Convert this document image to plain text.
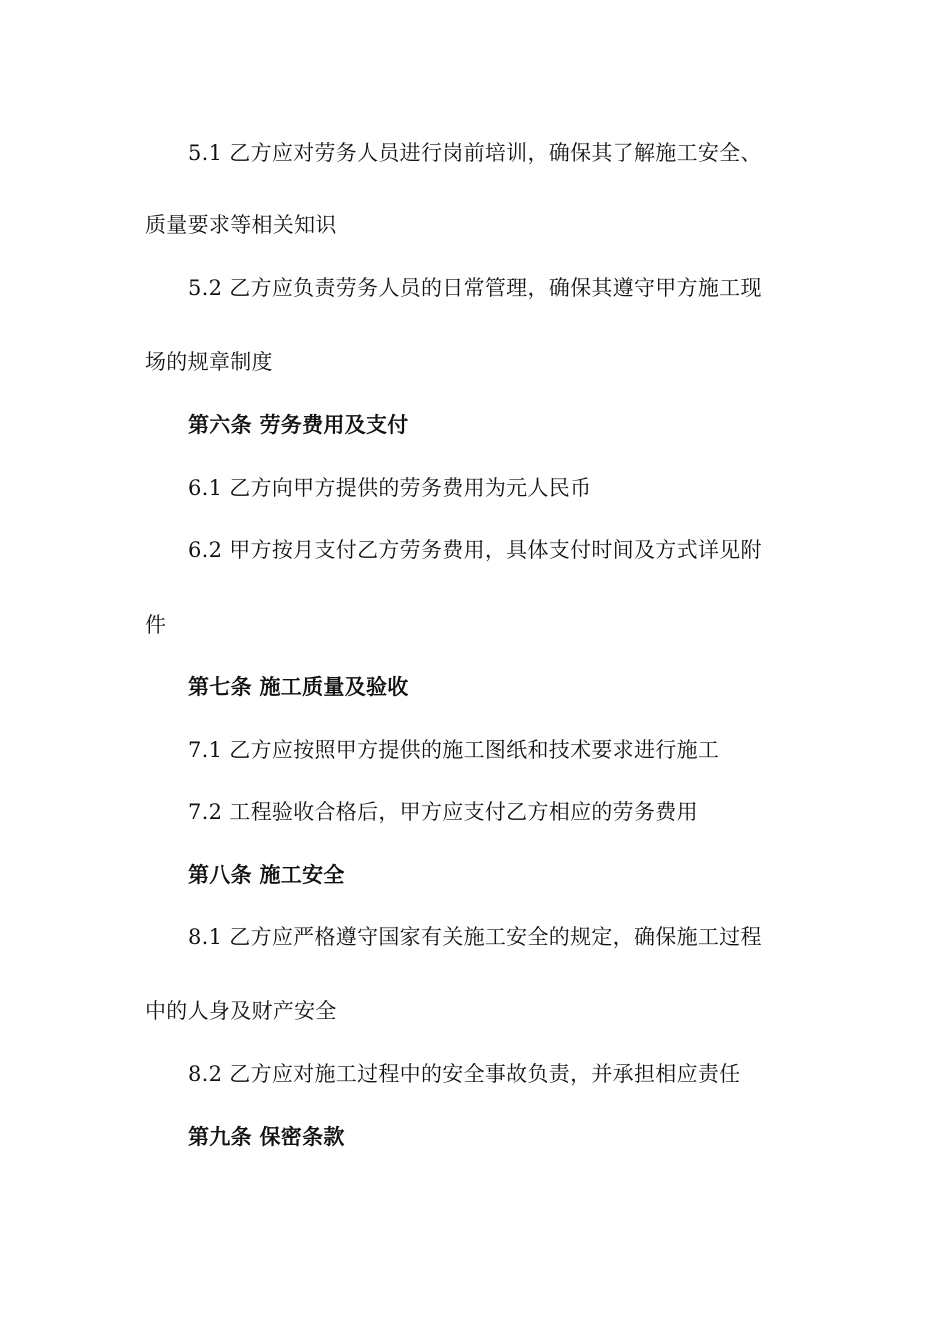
5.1 乙方应对劳务人员进行岗前培训，确保其了解施工安全、
质量要求等相关知识
5.2 乙方应负责劳务人员的日常管理，确保其遵守甲方施工现
场的规章制度
第六条 劳务费用及支付
6.1 乙方向甲方提供的劳务费用为元人民币
6.2 甲方按月支付乙方劳务费用，具体支付时间及方式详见附
件
第七条 施工质量及验收
7.1 乙方应按照甲方提供的施工图纸和技术要求进行施工
7.2 工程验收合格后，甲方应支付乙方相应的劳务费用
第八条 施工安全
8.1 乙方应严格遵守国家有关施工安全的规定，确保施工过程
中的人身及财产安全
8.2 乙方应对施工过程中的安全事故负责，并承担相应责任
第九条 保密条款
